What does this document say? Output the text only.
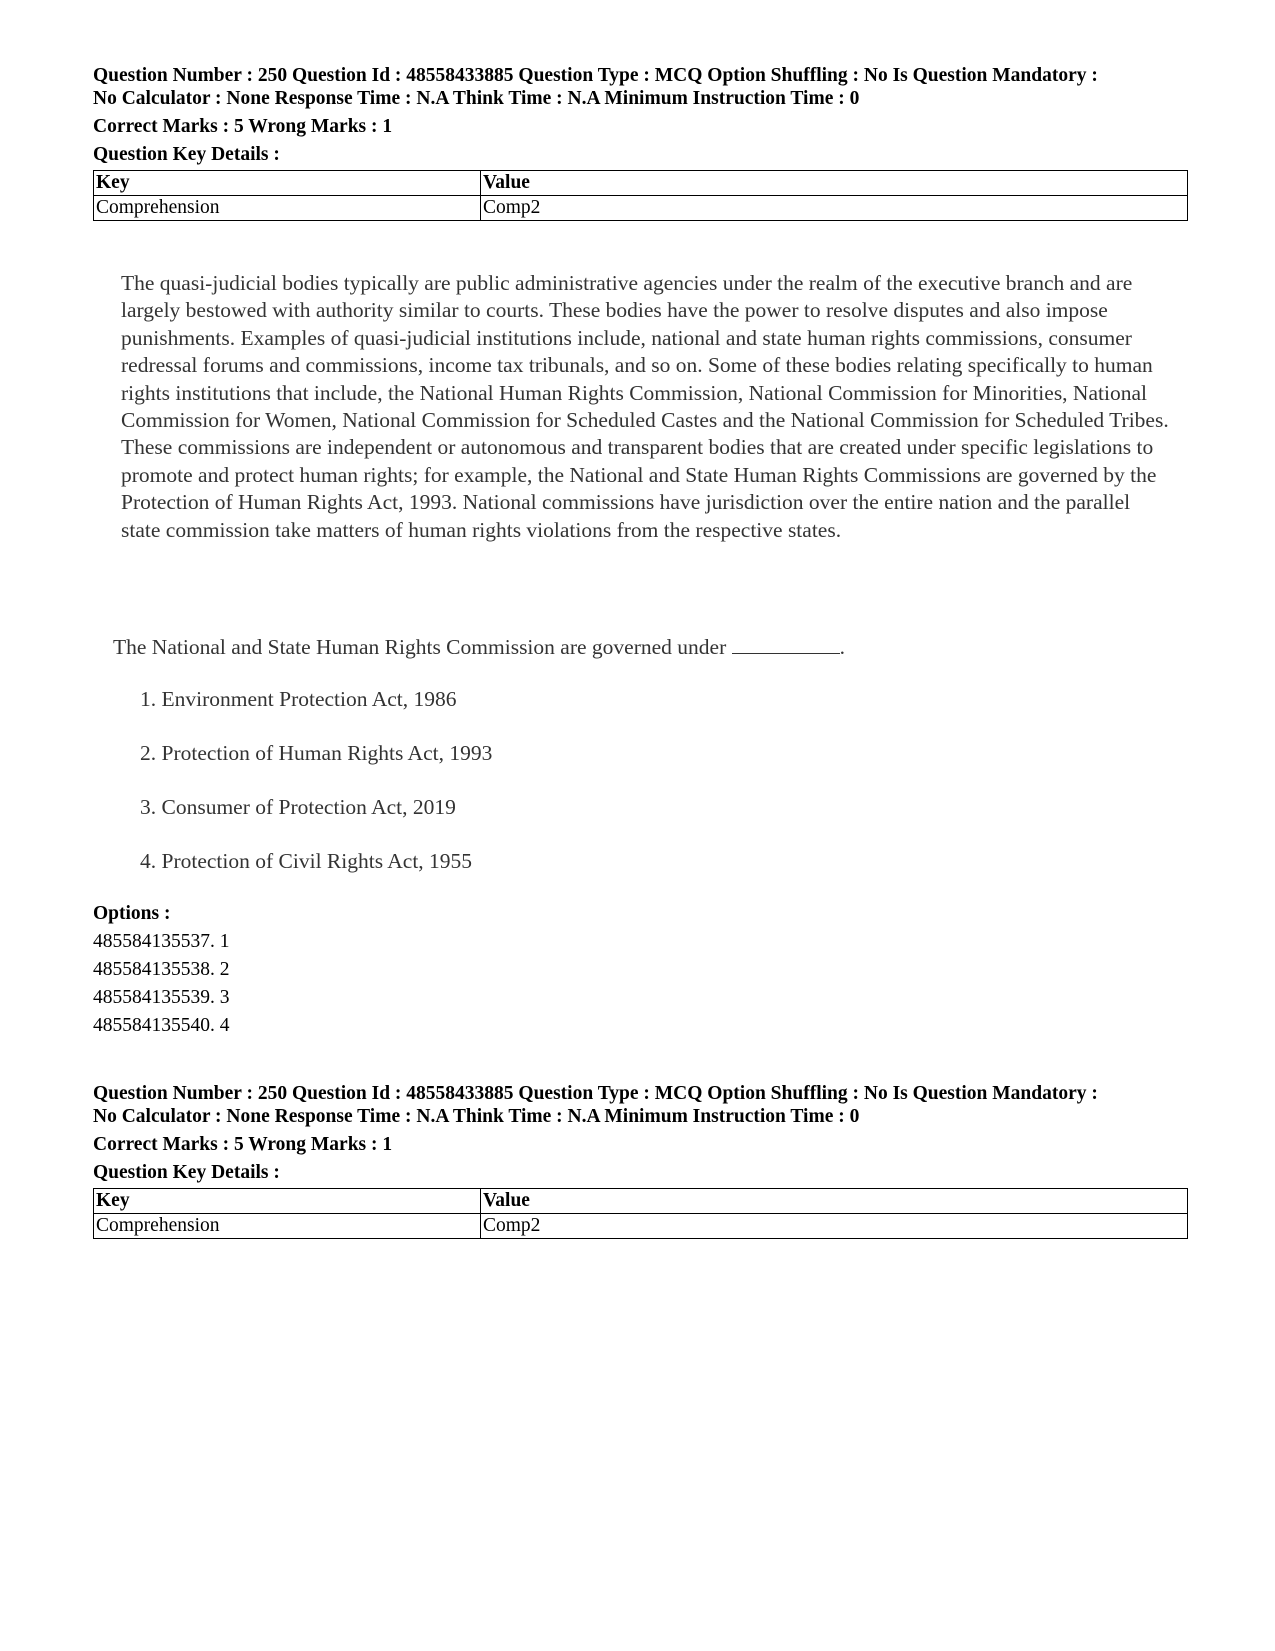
Question Number : 250 Question Id : 48558433885 Question Type : MCQ Option Shuffling : No Is Question Mandatory :

No Calculator : None Response Time : N.A Think Time : N.A Minimum Instruction Time : 0

Correct Marks : 5 Wrong Marks : 1
Question Key Details :
Key	Value
Comprehension	Comp2
The quasi-judicial bodies typically are public administrative agencies under the realm of the executive branch and are largely bestowed with authority similar to courts. These bodies have the power to resolve disputes and also impose punishments. Examples of quasi-judicial institutions include, national and state human rights commissions, consumer redressal forums and commissions, income tax tribunals, and so on. Some of these bodies relating specifically to human rights institutions that include, the National Human Rights Commission, National Commission for Minorities, National Commission for Women, National Commission for Scheduled Castes and the National Commission for Scheduled Tribes. These commissions are independent or autonomous and transparent bodies that are created under specific legislations to promote and protect human rights; for example, the National and State Human Rights Commissions are governed by the Protection of Human Rights Act, 1993. National commissions have jurisdiction over the entire nation and the parallel state commission take matters of human rights violations from the respective states.
The National and State Human Rights Commission are governed under	.
1. Environment Protection Act, 1986
2. Protection of Human Rights Act, 1993
3. Consumer of Protection Act, 2019
4. Protection of Civil Rights Act, 1955
Options :
485584135537. 1
485584135538. 2
485584135539. 3
485584135540. 4

Question Number : 250 Question Id : 48558433885 Question Type : MCQ Option Shuffling : No Is Question Mandatory :

No Calculator : None Response Time : N.A Think Time : N.A Minimum Instruction Time : 0

Correct Marks : 5 Wrong Marks : 1
Question Key Details :
Key	Value
Comprehension	Comp2
